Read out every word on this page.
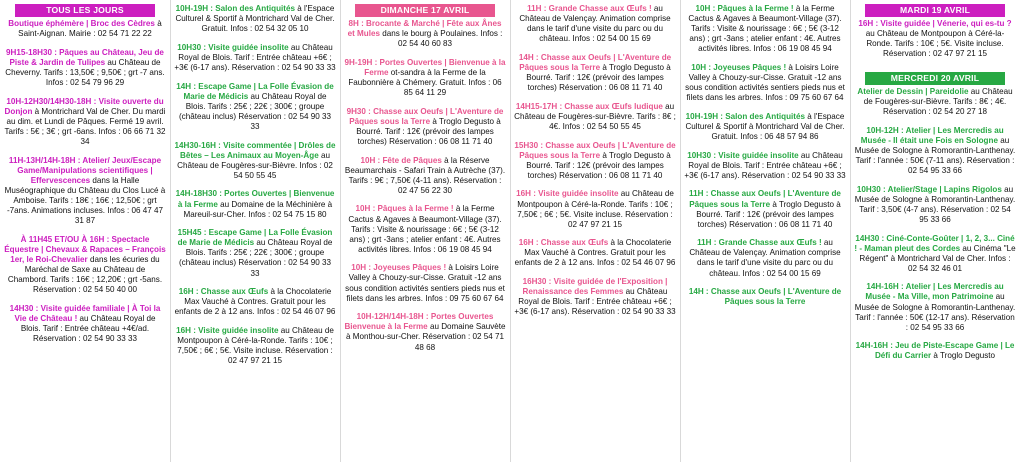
TOUS LES JOURS
Boutique éphémère | Broc des Cèdres à Saint-Aignan. Mairie : 02 54 71 22 22
9H15-18H30 : Pâques au Château, Jeu de Piste & Jardin de Tulipes au Château de Cheverny. Tarifs : 13,50€ ; 9,50€ ; grt -7 ans. Infos : 02 54 79 96 29
10H-12H30/14H30-18H : Visite ouverte du Donjon à Montrichard Val de Cher. Du mardi au dim. et Lundi de Pâques. Fermé 19 avril. Tarifs : 5€ ; 3€ ; grt -6ans. Infos : 06 66 71 32 34
11H-13H/14H-18H : Atelier/ Jeux/Escape Game/Manipulations scientifiques | Effervescences dans la Halle Muséographique du Château du Clos Lucé à Amboise. Tarifs : 18€ ; 16€ ; 12,50€ ; grt -7ans. Animations incluses. Infos : 06 47 47 31 87
À 11H45 ET/OU À 16H : Spectacle Équestre | Chevaux & Rapaces – François 1er, le Roi-Chevalier dans les écuries du Maréchal de Saxe au Château de Chambord. Tarifs : 16€ ; 12,20€ ; grt -5ans. Réservation : 02 54 50 40 00
14H30 : Visite guidée familiale | À Toi la Vie de Château ! au Château Royal de Blois. Tarif : Entrée château +4€/ad. Réservation : 02 54 90 33 33
10H-19H : Salon des Antiquités à l'Espace Culturel & Sportif à Montrichard Val de Cher. Gratuit. Infos : 02 54 32 05 10
10H30 : Visite guidée insolite au Château Royal de Blois. Tarif : Entrée château +6€ ; +3€ (6-17 ans). Réservation : 02 54 90 33 33
14H : Escape Game | La Folle Évasion de Marie de Médicis au Château Royal de Blois. Tarifs : 25€ ; 22€ ; 300€ ; groupe (château inclus) Réservation : 02 54 90 33 33
14H30-16H : Visite commentée | Drôles de Bêtes – Les Animaux au Moyen-Âge au Château de Fougères-sur-Bièvre. Infos : 02 54 50 55 45
14H-18H30 : Portes Ouvertes | Bienvenue à la Ferme au Domaine de la Méchinière à Mareuil-sur-Cher. Infos : 02 54 75 15 80
15H45 : Escape Game | La Folle Évasion de Marie de Médicis au Château Royal de Blois. Tarifs : 25€ ; 22€ ; 300€ ; groupe (château inclus) Réservation : 02 54 90 33 33
16H : Chasse aux Œufs à la Chocolaterie Max Vauché à Contres. Gratuit pour les enfants de 2 à 12 ans. Infos : 02 54 46 07 96
16H : Visite guidée insolite au Château de Montpoupon à Céré-la-Ronde. Tarifs : 10€ ; 7,50€ ; 6€ ; 5€. Visite incluse. Réservation : 02 47 97 21 15
DIMANCHE 17 AVRIL
8H : Brocante & Marché | Fête aux Ânes et Mules dans le bourg à Poulaines. Infos : 02 54 40 60 83
9H-19H : Portes Ouvertes | Bienvenue à la Ferme ot-sandra à la Ferme de la Faubonnière à Chémery. Gratuit. Infos : 06 85 64 11 29
9H30 : Chasse aux Oeufs | L'Aventure de Pâques sous la Terre à Troglo Degusto à Bourré. Tarif : 12€ (prévoir des lampes torches) Réservation : 06 08 11 71 40
10H : Fête de Pâques à la Réserve Beaumarchais - Safari Train à Autrèche (37). Tarifs : 9€ ; 7,50€ (4-11 ans). Réservation : 02 47 56 22 30
10H : Pâques à la Ferme ! à la Ferme Cactus & Agaves à Beaumont-Village (37). Tarifs : Visite & nourissage : 6€ ; 5€ (3-12 ans) ; grt -3ans ; atelier enfant : 4€. Autres activités libres. Infos : 06 19 08 45 94
10H : Joyeuses Pâques ! à Loisirs Loire Valley à Chouzy-sur-Cisse. Gratuit -12 ans sous condition activités sentiers pieds nus et filets dans les arbres. Infos : 09 75 60 67 64
10H-12H/14H-18H : Portes Ouvertes Bienvenue à la Ferme au Domaine Sauvète à Monthou-sur-Cher. Réservation : 02 54 71 48 68
11H : Grande Chasse aux Œufs ! au Château de Valençay. Animation comprise dans le tarif d'une visite du parc ou du château. Infos : 02 54 00 15 69
14H : Chasse aux Oeufs | L'Aventure de Pâques sous la Terre à Troglo Degusto à Bourré. Tarif : 12€ (prévoir des lampes torches) Réservation : 06 08 11 71 40
14H15-17H : Chasse aux Œufs ludique au Château de Fougères-sur-Bièvre. Tarifs : 8€ ; 4€. Infos : 02 54 50 55 45
15H30 : Chasse aux Oeufs | L'Aventure de Pâques sous la Terre à Troglo Degusto à Bourré. Tarif : 12€ (prévoir des lampes torches) Réservation : 06 08 11 71 40
16H : Visite guidée insolite au Château de Montpoupon à Céré-la-Ronde. Tarifs : 10€ ; 7,50€ ; 6€ ; 5€. Visite incluse. Réservation : 02 47 97 21 15
16H : Chasse aux Œufs à la Chocolaterie Max Vauché à Contres. Gratuit pour les enfants de 2 à 12 ans. Infos : 02 54 46 07 96
16H30 : Visite guidée de l'Exposition | Renaissance des Femmes au Château Royal de Blois. Tarif : Entrée château +6€ ; +3€ (6-17 ans). Réservation : 02 54 90 33 33
10H : Pâques à la Ferme ! à la Ferme Cactus & Agaves à Beaumont-Village (37). Tarifs : Visite & nourissage : 6€ ; 5€ (3-12 ans) ; grt -3ans ; atelier enfant : 4€. Autres activités libres. Infos : 06 19 08 45 94
10H : Joyeuses Pâques ! à Loisirs Loire Valley à Chouzy-sur-Cisse. Gratuit -12 ans sous condition activités sentiers pieds nus et filets dans les arbres. Infos : 09 75 60 67 64
10H-19H : Salon des Antiquités à l'Espace Culturel & Sportif à Montrichard Val de Cher. Gratuit. Infos : 06 48 57 94 86
10H30 : Visite guidée insolite au Château Royal de Blois. Tarif : Entrée château +6€ ; +3€ (6-17 ans). Réservation : 02 54 90 33 33
11H : Chasse aux Oeufs | L'Aventure de Pâques sous la Terre à Troglo Degusto à Bourré. Tarif : 12€ (prévoir des lampes torches) Réservation : 06 08 11 71 40
11H : Grande Chasse aux Œufs ! au Château de Valençay. Animation comprise dans le tarif d'une visite du parc ou du château. Infos : 02 54 00 15 69
14H : Chasse aux Oeufs | L'Aventure de Pâques sous la Terre
MARDI 19 AVRIL
16H : Visite guidée | Vénerie, qui es-tu ? au Château de Montpoupon à Céré-la-Ronde. Tarifs : 10€ ; 5€. Visite incluse. Réservation : 02 47 97 21 15
MERCREDI 20 AVRIL
Atelier de Dessin | Pareidolie au Château de Fougères-sur-Bièvre. Tarifs : 8€ ; 4€. Réservation : 02 54 20 27 18
10H-12H : Atelier | Les Mercredis au Musée - Il était une Fois en Sologne au Musée de Sologne à Romorantin-Lanthenay. Tarif : l'année : 50€ (7-11 ans). Réservation : 02 54 95 33 66
10H30 : Atelier/Stage | Lapins Rigolos au Musée de Sologne à Romorantin-Lanthenay. Tarif : 3,50€ (4-7 ans). Réservation : 02 54 95 33 66
14H30 : Ciné-Conte-Goûter | 1, 2, 3... Ciné ! - Maman pleut des Cordes au Cinéma "Le Régent" à Montrichard Val de Cher. Infos : 02 54 32 46 01
14H-16H : Atelier | Les Mercredis au Musée - Ma Ville, mon Patrimoine au Musée de Sologne à Romorantin-Lanthenay. Tarif : l'année : 50€ (12-17 ans). Réservation : 02 54 95 33 66
14H-16H : Jeu de Piste-Escape Game | Le Défi du Carrier à Troglo Degusto
